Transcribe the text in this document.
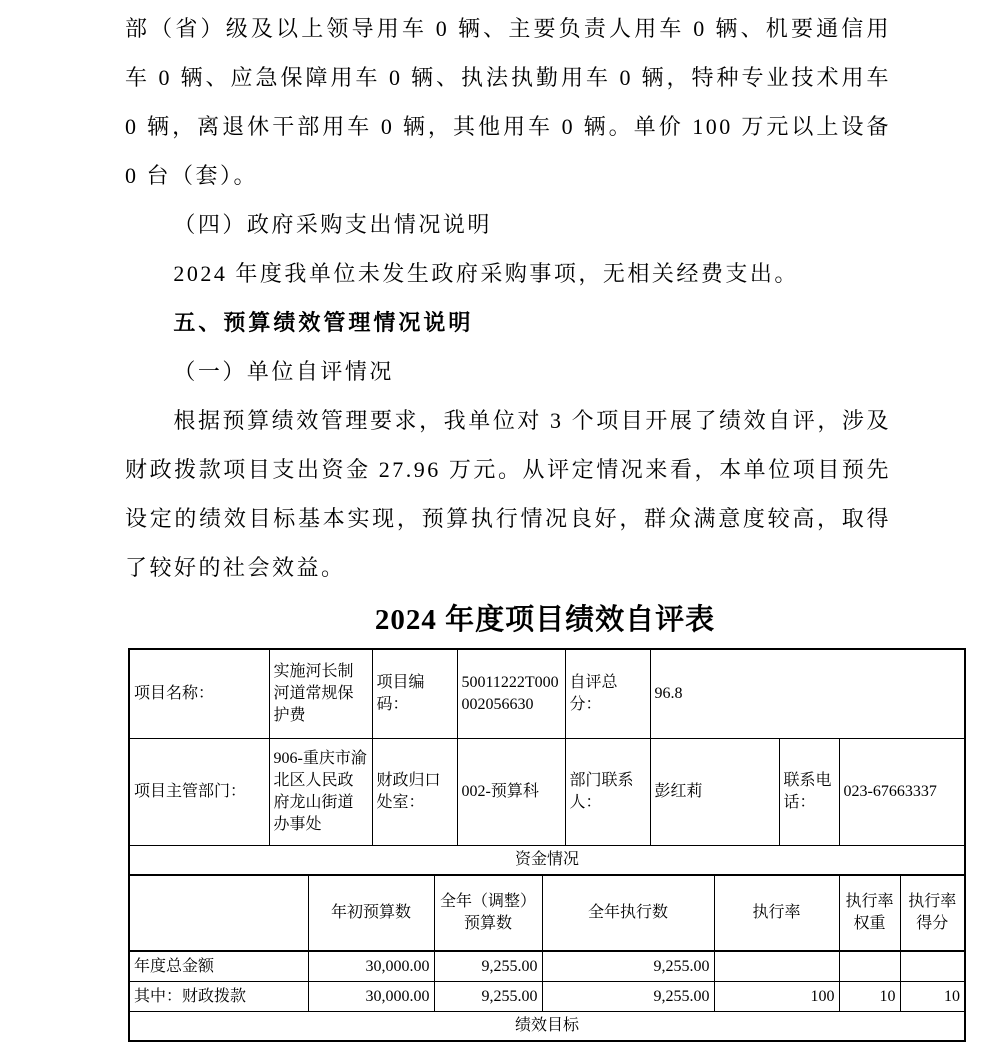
部（省）级及以上领导用车 0 辆、主要负责人用车 0 辆、机要通信用车 0 辆、应急保障用车 0 辆、执法执勤用车 0 辆，特种专业技术用车 0 辆，离退休干部用车 0 辆，其他用车 0 辆。单价 100 万元以上设备 0 台（套）。

（四）政府采购支出情况说明

2024 年度我单位未发生政府采购事项，无相关经费支出。

五、预算绩效管理情况说明

（一）单位自评情况

根据预算绩效管理要求，我单位对 3 个项目开展了绩效自评，涉及财政拨款项目支出资金 27.96 万元。从评定情况来看，本单位项目预先设定的绩效目标基本实现，预算执行情况良好，群众满意度较高，取得了较好的社会效益。

2024 年度项目绩效自评表
项目名称：	实施河长制河道常规保护费	项目编码：	50011222T000002056630	自评总分：	96.8		
项目主管部门：	906-重庆市渝北区人民政府龙山街道办事处	财政归口处室：	002-预算科	部门联系人：	彭红莉	联系电话：	023-67663337
资金情况						
	年初预算数	全年（调整）预算数	全年执行数	执行率	执行率权重	执行率得分
年度总金额	30,000.00	9,255.00	9,255.00			
其中：财政拨款	30,000.00	9,255.00	9,255.00	100	10	10
绩效目标						
